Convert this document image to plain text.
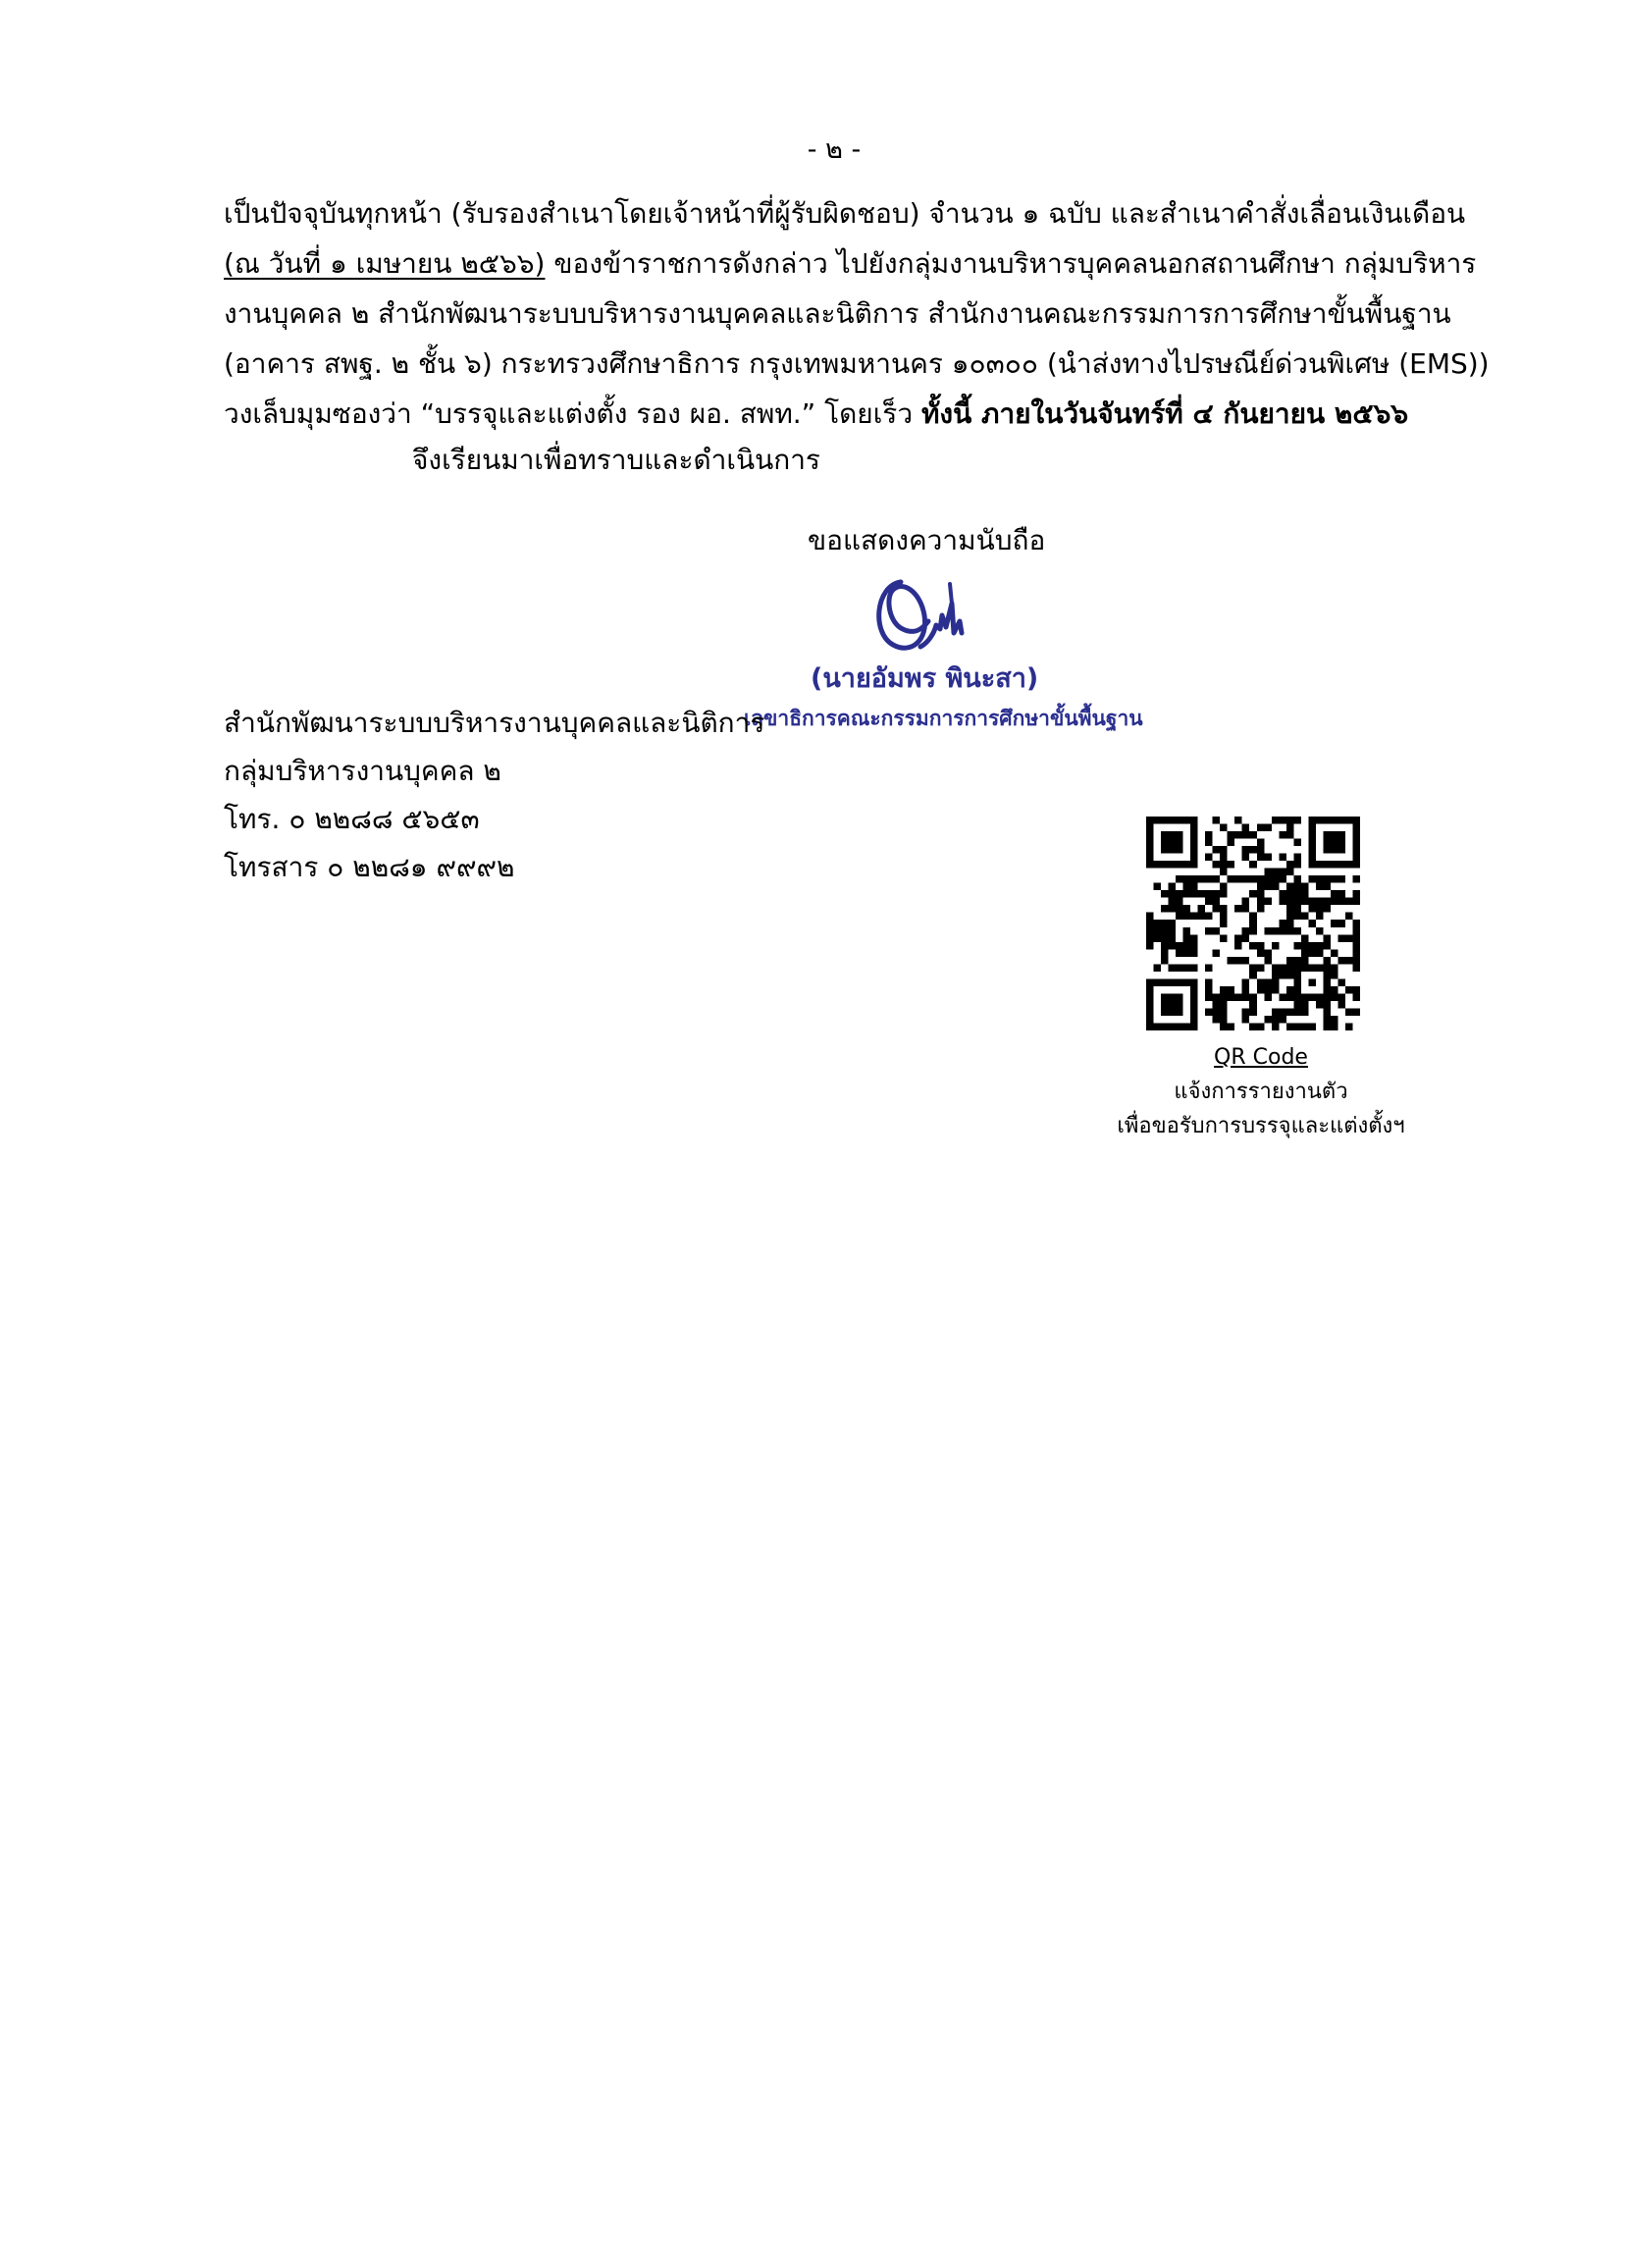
- ๒ -
เป็นปัจจุบันทุกหน้า (รับรองสำเนาโดยเจ้าหน้าที่ผู้รับผิดชอบ) จำนวน ๑ ฉบับ และสำเนาคำสั่งเลื่อนเงินเดือน
(ณ วันที่ ๑ เมษายน ๒๕๖๖) ของข้าราชการดังกล่าว ไปยังกลุ่มงานบริหารบุคคลนอกสถานศึกษา กลุ่มบริหาร
งานบุคคล ๒ สำนักพัฒนาระบบบริหารงานบุคคลและนิติการ สำนักงานคณะกรรมการการศึกษาขั้นพื้นฐาน
(อาคาร สพฐ. ๒ ชั้น ๖) กระทรวงศึกษาธิการ กรุงเทพมหานคร ๑๐๓๐๐ (นำส่งทางไปรษณีย์ด่วนพิเศษ (EMS))
วงเล็บมุมซองว่า “บรรจุและแต่งตั้ง รอง ผอ. สพท.” โดยเร็ว ทั้งนี้ ภายในวันจันทร์ที่ ๔ กันยายน ๒๕๖๖
จึงเรียนมาเพื่อทราบและดำเนินการ
ขอแสดงความนับถือ
(นายอัมพร พินะสา)
เลขาธิการคณะกรรมการการศึกษาขั้นพื้นฐาน
สำนักพัฒนาระบบบริหารงานบุคคลและนิติการ
กลุ่มบริหารงานบุคคล ๒
โทร. ๐ ๒๒๘๘ ๕๖๕๓
โทรสาร ๐ ๒๒๘๑ ๙๙๙๒
QR Code
แจ้งการรายงานตัว
เพื่อขอรับการบรรจุและแต่งตั้งฯ
